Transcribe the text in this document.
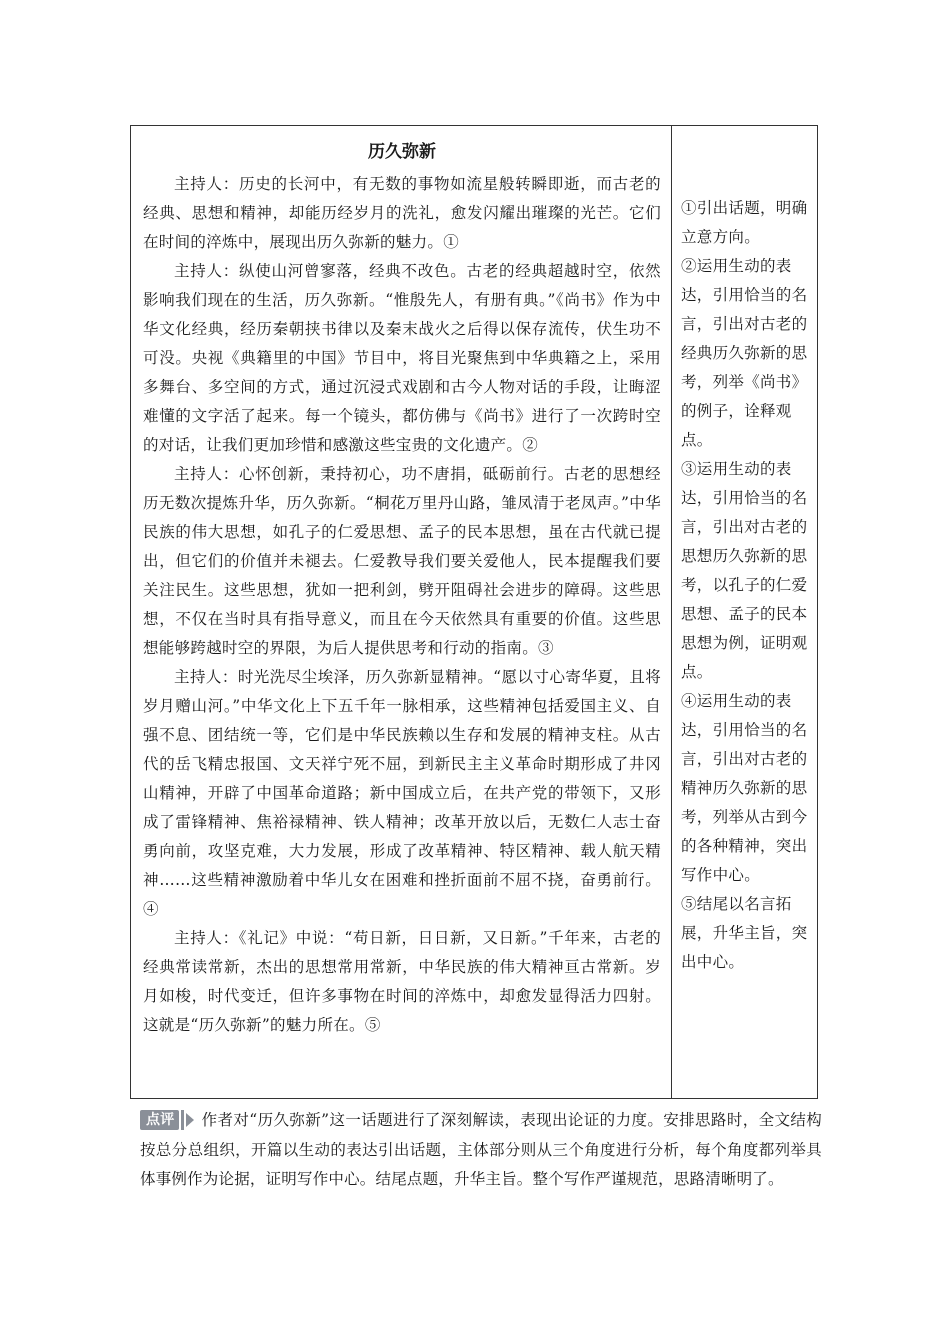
历久弥新

主持人：历史的长河中，有无数的事物如流星般转瞬即逝，而古老的经典、思想和精神，却能历经岁月的洗礼，愈发闪耀出璀璨的光芒。它们在时间的淬炼中，展现出历久弥新的魅力。①

主持人：纵使山河曾寥落，经典不改色。古老的经典超越时空，依然影响我们现在的生活，历久弥新。“惟殷先人，有册有典。”《尚书》作为中华文化经典，经历秦朝挟书律以及秦末战火之后得以保存流传，伏生功不可没。央视《典籍里的中国》节目中，将目光聚焦到中华典籍之上，采用多舞台、多空间的方式，通过沉浸式戏剧和古今人物对话的手段，让晦涩难懂的文字活了起来。每一个镜头，都仿佛与《尚书》进行了一次跨时空的对话，让我们更加珍惜和感激这些宝贵的文化遗产。②

主持人：心怀创新，秉持初心，功不唐捐，砥砺前行。古老的思想经历无数次提炼升华，历久弥新。“桐花万里丹山路，雏凤清于老凤声。”中华民族的伟大思想，如孔子的仁爱思想、孟子的民本思想，虽在古代就已提出，但它们的价值并未褪去。仁爱教导我们要关爱他人，民本提醒我们要关注民生。这些思想，犹如一把利剑，劈开阻碍社会进步的障碍。这些思想，不仅在当时具有指导意义，而且在今天依然具有重要的价值。这些思想能够跨越时空的界限，为后人提供思考和行动的指南。③

主持人：时光洗尽尘埃泽，历久弥新显精神。“愿以寸心寄华夏，且将岁月赠山河。”中华文化上下五千年一脉相承，这些精神包括爱国主义、自强不息、团结统一等，它们是中华民族赖以生存和发展的精神支柱。从古代的岳飞精忠报国、文天祥宁死不屈，到新民主主义革命时期形成了井冈山精神，开辟了中国革命道路；新中国成立后，在共产党的带领下，又形成了雷锋精神、焦裕禄精神、铁人精神；改革开放以后，无数仁人志士奋勇向前，攻坚克难，大力发展，形成了改革精神、特区精神、载人航天精神……这些精神激励着中华儿女在困难和挫折面前不屈不挠，奋勇前行。④

主持人：《礼记》中说：“苟日新，日日新，又日新。”千年来，古老的经典常读常新，杰出的思想常用常新，中华民族的伟大精神亘古常新。岁月如梭，时代变迁，但许多事物在时间的淬炼中，却愈发显得活力四射。这就是“历久弥新”的魅力所在。⑤

①引出话题，明确立意方向。

②运用生动的表达，引用恰当的名言，引出对古老的经典历久弥新的思考，列举《尚书》的例子，诠释观点。

③运用生动的表达，引用恰当的名言，引出对古老的思想历久弥新的思考，以孔子的仁爱思想、孟子的民本思想为例，证明观点。

④运用生动的表达，引用恰当的名言，引出对古老的精神历久弥新的思考，列举从古到今的各种精神，突出写作中心。

⑤结尾以名言拓展，升华主旨，突出中心。

点评 作者对“历久弥新”这一话题进行了深刻解读，表现出论证的力度。安排思路时，全文结构按总分总组织，开篇以生动的表达引出话题，主体部分则从三个角度进行分析，每个角度都列举具体事例作为论据，证明写作中心。结尾点题，升华主旨。整个写作严谨规范，思路清晰明了。
